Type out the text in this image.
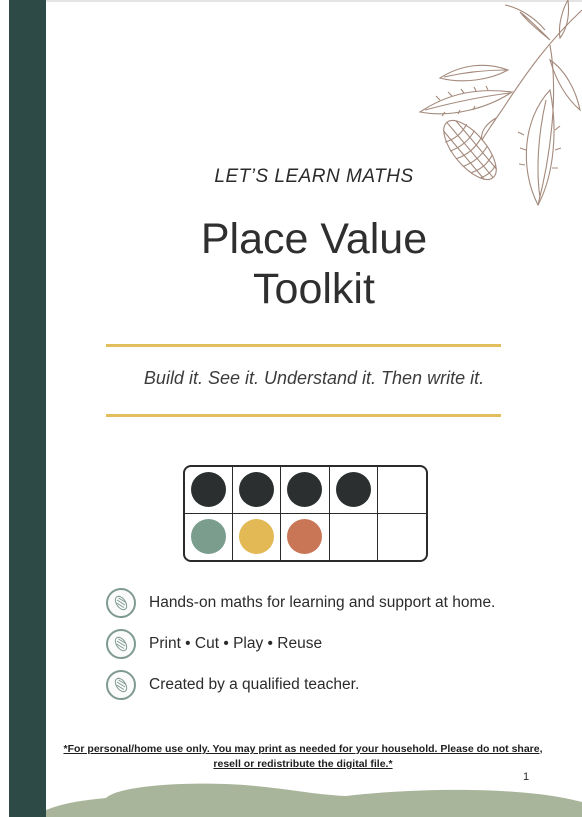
LET’S LEARN MATHS
Place Value
Toolkit
Build it. See it. Understand it. Then write it.
Hands-on maths for learning and support at home.
Print • Cut • Play • Reuse
Created by a qualified teacher.
*For personal/home use only. You may print as needed for your household. Please do not share, resell or redistribute the digital file.*
1
